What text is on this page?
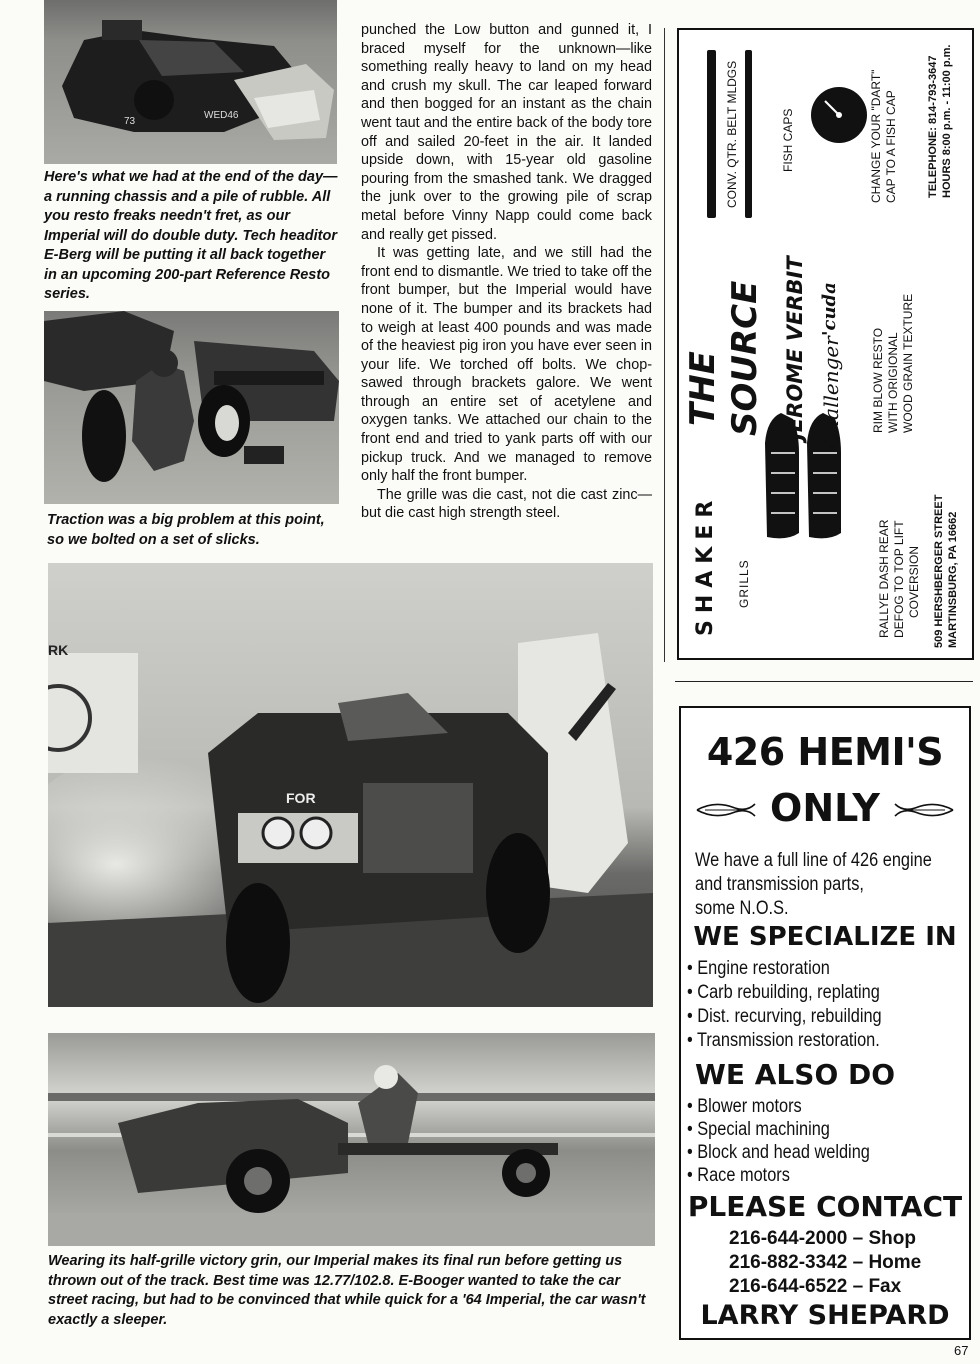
73
WED46

Here's what we had at the end of the day—a running chassis and a pile of rubble. All you resto freaks needn't fret, as our Imperial will do double duty. Tech headitor E-Berg will be putting it all back together in an upcoming 200-part Reference Resto series.

Traction was a big problem at this point, so we bolted on a set of slicks.

punched the Low button and gunned it, I braced myself for the unknown—like something really heavy to land on my head and crush my skull. The car leaped forward and then bogged for an instant as the chain went taut and the entire back of the body tore off and sailed 20-feet in the air. It landed upside down, with 15-year old gasoline pouring from the smashed tank. We dragged the junk over to the growing pile of scrap metal before Vinny Napp could come back and really get pissed.

It was getting late, and we still had the front end to dismantle. We tried to take off the front bumper, but the Imperial would have none of it. The bumper and its brackets had to weigh at least 400 pounds and was made of the heaviest pig iron you have ever seen in your life. We torched off bolts. We chop-sawed through brackets galore. We went through an entire set of acetylene and oxygen tanks. We attached our chain to the front end and tried to yank parts off with our pickup truck. And we managed to remove only half the front bumper.

The grille was die cast, not die cast zinc—but die cast high strength steel.

RK
FOR

Wearing its half-grille victory grin, our Imperial makes its final run before getting us thrown out of the track. Best time was 12.77/102.8. E-Booger wanted to take the car street racing, but had to be convinced that while quick for a '64 Imperial, the car wasn't exactly a sleeper.

SHAKER GRILLS	RALLYE DASH REAR DEFOG TO TOP LIFT COVERSION 509 HERSHBERGER STREET MARTINSBURG, PA 16662
THE SOURCE JEROME VERBIT Challenger
'cuda
RIM BLOW RESTO WITH ORIGIONAL WOOD GRAIN TEXTURE
CONV. QTR. BELT MLDGS	FISH CAPS	CHANGE YOUR "DART" CAP TO A FISH CAP	TELEPHONE: 814-793-3647 HOURS 8:00 p.m. - 11:00 p.m.
426 HEMI'S
ONLY
We have a full line of 426 engine
and transmission parts,
some N.O.S.
WE SPECIALIZE IN
• Engine restoration
• Carb rebuilding, replating
• Dist. recurving, rebuilding
• Transmission restoration.
WE ALSO DO
• Blower motors
• Special machining
• Block and head welding
• Race motors
PLEASE CONTACT
216-644-2000 – Shop
216-882-3342 – Home
216-644-6522 – Fax
LARRY SHEPARD
67
